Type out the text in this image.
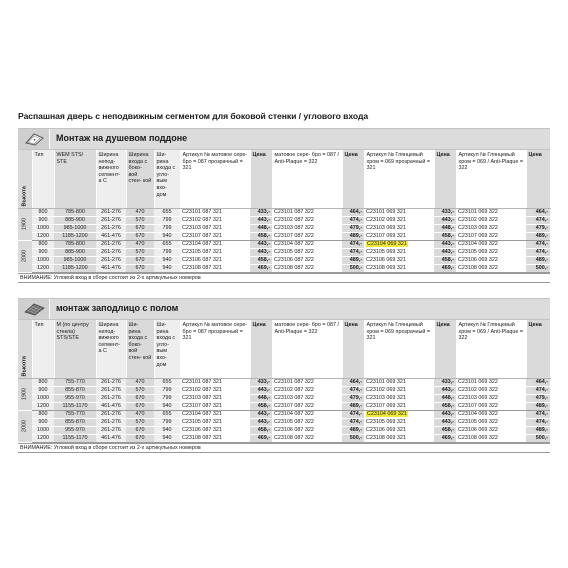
Распашная дверь с неподвижным сегментом для боковой стенки / углового входа
Монтаж на душевом поддоне
Высота	Тип	WEM STS/ STE	Ширина непод- вижного сегмент- а С	Ширина входа с боко- вой стен- кой	Ши- рина входа с угло- вым вхо- дом	Артикул № матовое сере- бро = 087 прозрачный = 321	Цена	матовое сере- бро = 087 / Anti-Plaque = 322	Цена	Артикул № Глянцевый хром = 069 прозрачный = 321	Цена	Артикул № Глянцевый хром = 069 / Anti-Plaque = 322	Цена

1900	800	785-800	261-276	470	655	C23101 087 321	433,-	C23101 087 322	464,-	C23101 069 321	433,-	C23101 069 322	464,-
	900	885-900	261-276	570	799	C23102 087 321	443,-	C23102 087 322	474,-	C23102 069 321	443,-	C23102 069 322	474,-
	1000	985-1000	261-276	670	799	C23103 087 321	448,-	C23103 087 322	479,-	C23103 069 321	448,-	C23103 069 322	479,-
	1200	1185-1200	461-476	670	940	C23107 087 321	458,-	C23107 087 322	489,-	C23107 069 321	458,-	C23107 069 322	489,-

2000	800	785-800	261-276	470	655	C23104 087 321	443,-	C23104 087 322	474,-	C23104 069 321	443,-	C23104 069 322	474,-
	900	885-900	261-276	570	799	C23105 087 321	443,-	C23105 087 322	474,-	C23105 069 321	443,-	C23105 069 322	474,-
	1000	985-1000	261-276	670	940	C23106 087 321	458,-	C23106 087 322	489,-	C23106 069 321	458,-	C23106 069 322	489,-
	1200	1185-1200	461-476	670	940	C23108 087 321	469,-	C23108 087 322	500,-	C23108 069 321	469,-	C23108 069 322	500,-
ВНИМАНИЕ: Угловой вход в сборе состоит из 2-х артикульных номеров
монтаж заподлицо с полом
Высота	Тип	M (по центру стекла) STS/STE	Ширина непод- вижного сегмент- а С	Ши- рина входа с боко- вой стен- кой	Ши- рина входа с угло- вым вхо- дом	Артикул № матовое сере- бро = 087 прозрачный = 321	Цена	матовое сере- бро = 087 / Anti-Plaque = 322	Цена	Артикул № Глянцевый хром = 069 прозрачный = 321	Цена	Артикул № Глянцевый хром = 069 / Anti-Plaque = 322	Цена

1900	800	755-770	261-276	470	655	C23101 087 321	433,-	C23101 087 322	464,-	C23101 069 321	433,-	C23101 069 322	464,-
	900	855-870	261-276	570	799	C23102 087 321	443,-	C23102 087 322	474,-	C23102 069 321	443,-	C23102 069 322	474,-
	1000	955-970	261-276	670	799	C23103 087 321	448,-	C23103 087 322	479,-	C23103 069 321	448,-	C23103 069 322	479,-
	1200	1155-1170	461-476	670	940	C23107 087 321	458,-	C23107 087 322	489,-	C23107 069 321	458,-	C23107 069 322	489,-

2000	800	755-770	261-276	470	655	C23104 087 321	443,-	C23104 087 322	474,-	C23104 069 321	443,-	C23104 069 322	474,-
	900	855-870	261-276	570	799	C23105 087 321	443,-	C23105 087 322	474,-	C23105 069 321	443,-	C23105 069 322	474,-
	1000	955-970	261-276	670	940	C23106 087 321	458,-	C23106 087 322	489,-	C23106 069 321	458,-	C23106 069 322	489,-
	1200	1155-1170	461-476	670	940	C23108 087 321	469,-	C23108 087 322	500,-	C23108 069 321	469,-	C23108 069 322	500,-
ВНИМАНИЕ: Угловой вход в сборе состоит из 2-х артикульных номеров
